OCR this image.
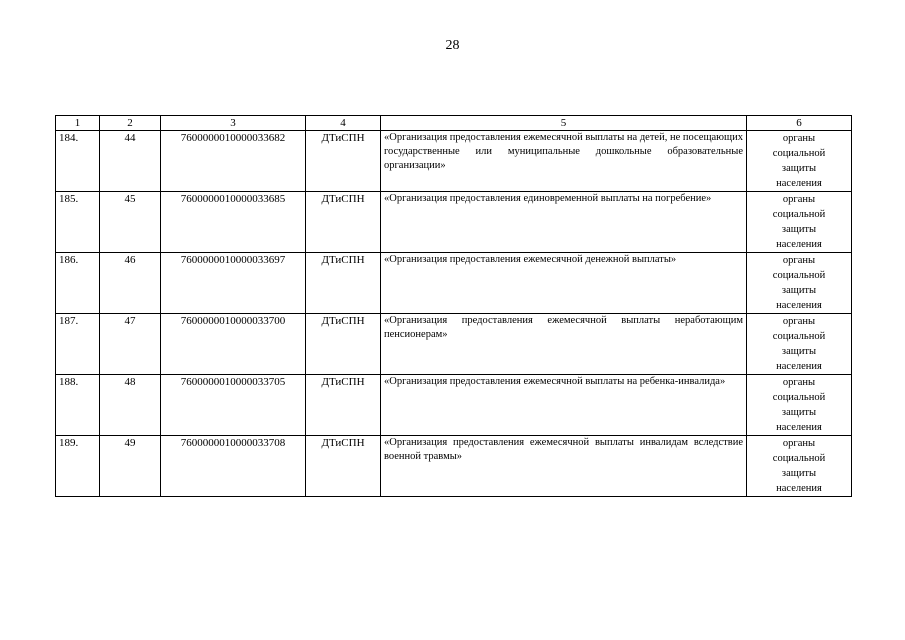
28
1	2	3	4	5	6
184.	44	7600000010000033682	ДТиСПН	«Организация предоставления ежемесячной выплаты на детей, не посещающих государственные или муниципальные дошкольные образовательные организации»	органы
социальной
защиты
населения

185.	45	7600000010000033685	ДТиСПН	«Организация предоставления единовременной выплаты на погребение»	органы
социальной
защиты
населения

186.	46	7600000010000033697	ДТиСПН	«Организация предоставления ежемесячной денежной выплаты»	органы
социальной
защиты
населения

187.	47	7600000010000033700	ДТиСПН	«Организация предоставления ежемесячной выплаты неработающим пенсионерам»	органы
социальной
защиты
населения

188.	48	7600000010000033705	ДТиСПН	«Организация предоставления ежемесячной выплаты на ребенка-инвалида»	органы
социальной
защиты
населения

189.	49	7600000010000033708	ДТиСПН	«Организация предоставления ежемесячной выплаты инвалидам вследствие военной травмы»	органы
социальной
защиты
населения
